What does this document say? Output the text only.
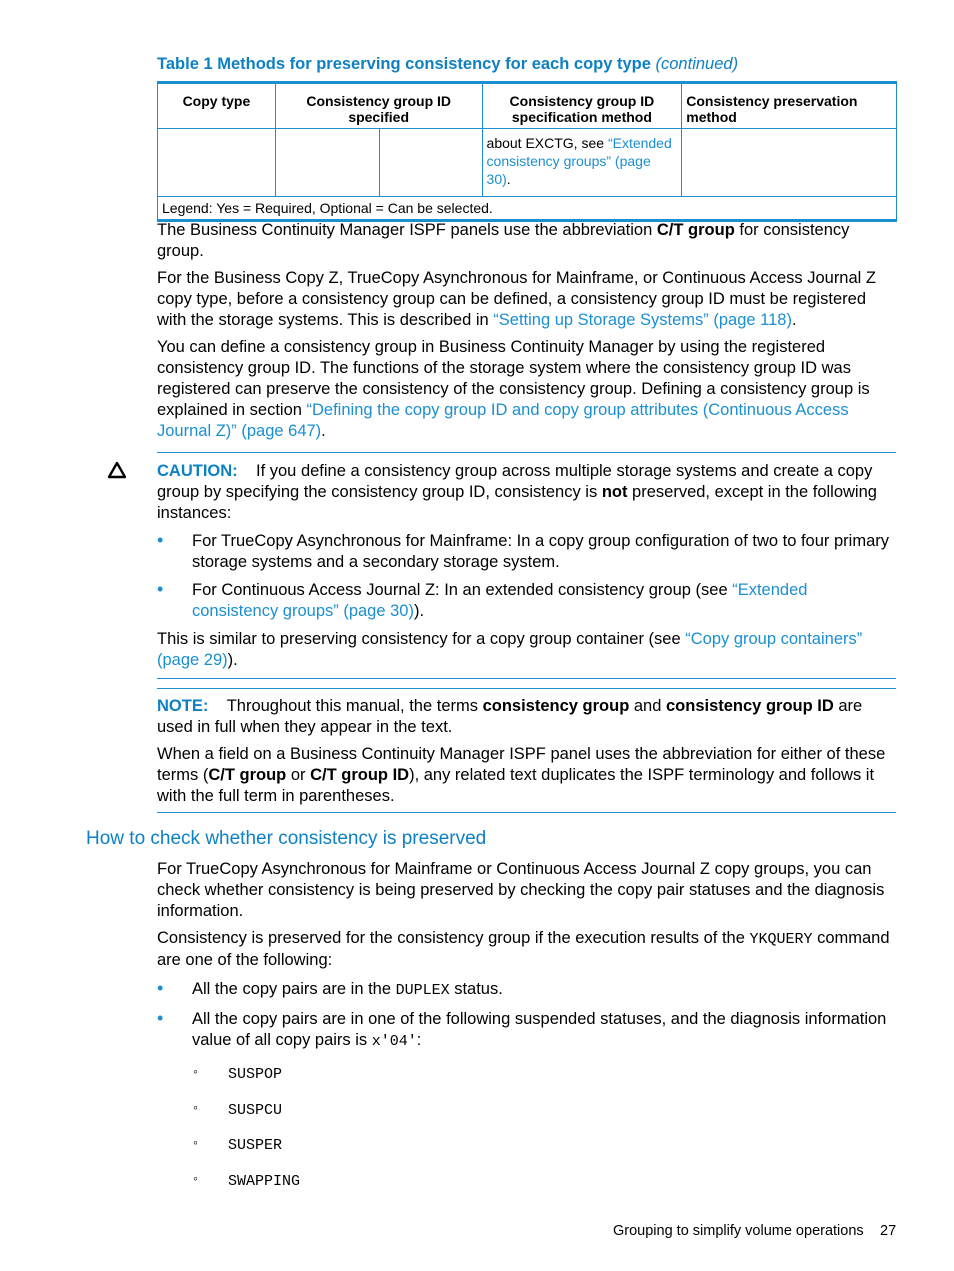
Table 1 Methods for preserving consistency for each copy type (continued)
Copy type	Consistency group ID specified		Consistency group ID specification method	Consistency preservation method
			about EXCTG, see “Extended consistency groups” (page 30).	
Legend: Yes = Required, Optional = Can be selected.				

The Business Continuity Manager ISPF panels use the abbreviation C/T group for consistency group.

For the Business Copy Z, TrueCopy Asynchronous for Mainframe, or Continuous Access Journal Z copy type, before a consistency group can be defined, a consistency group ID must be registered with the storage systems. This is described in “Setting up Storage Systems” (page 118).

You can define a consistency group in Business Continuity Manager by using the registered consistency group ID. The functions of the storage system where the consistency group ID was registered can preserve the consistency of the consistency group. Defining a consistency group is explained in section “Defining the copy group ID and copy group attributes (Continuous Access Journal Z)” (page 647).

CAUTION: If you define a consistency group across multiple storage systems and create a copy group by specifying the consistency group ID, consistency is not preserved, except in the following instances:

• For TrueCopy Asynchronous for Mainframe: In a copy group configuration of two to four primary storage systems and a secondary storage system.

• For Continuous Access Journal Z: In an extended consistency group (see “Extended consistency groups” (page 30)).

This is similar to preserving consistency for a copy group container (see “Copy group containers” (page 29)).

NOTE: Throughout this manual, the terms consistency group and consistency group ID are used in full when they appear in the text.

When a field on a Business Continuity Manager ISPF panel uses the abbreviation for either of these terms (C/T group or C/T group ID), any related text duplicates the ISPF terminology and follows it with the full term in parentheses.

How to check whether consistency is preserved

For TrueCopy Asynchronous for Mainframe or Continuous Access Journal Z copy groups, you can check whether consistency is being preserved by checking the copy pair statuses and the diagnosis information.

Consistency is preserved for the consistency group if the execution results of the YKQUERY command are one of the following:

• All the copy pairs are in the DUPLEX status.

• All the copy pairs are in one of the following suspended statuses, and the diagnosis information value of all copy pairs is x'04':

◦ SUSPOP
◦ SUSPCU
◦ SUSPER
◦ SWAPPING
Grouping to simplify volume operations 27
